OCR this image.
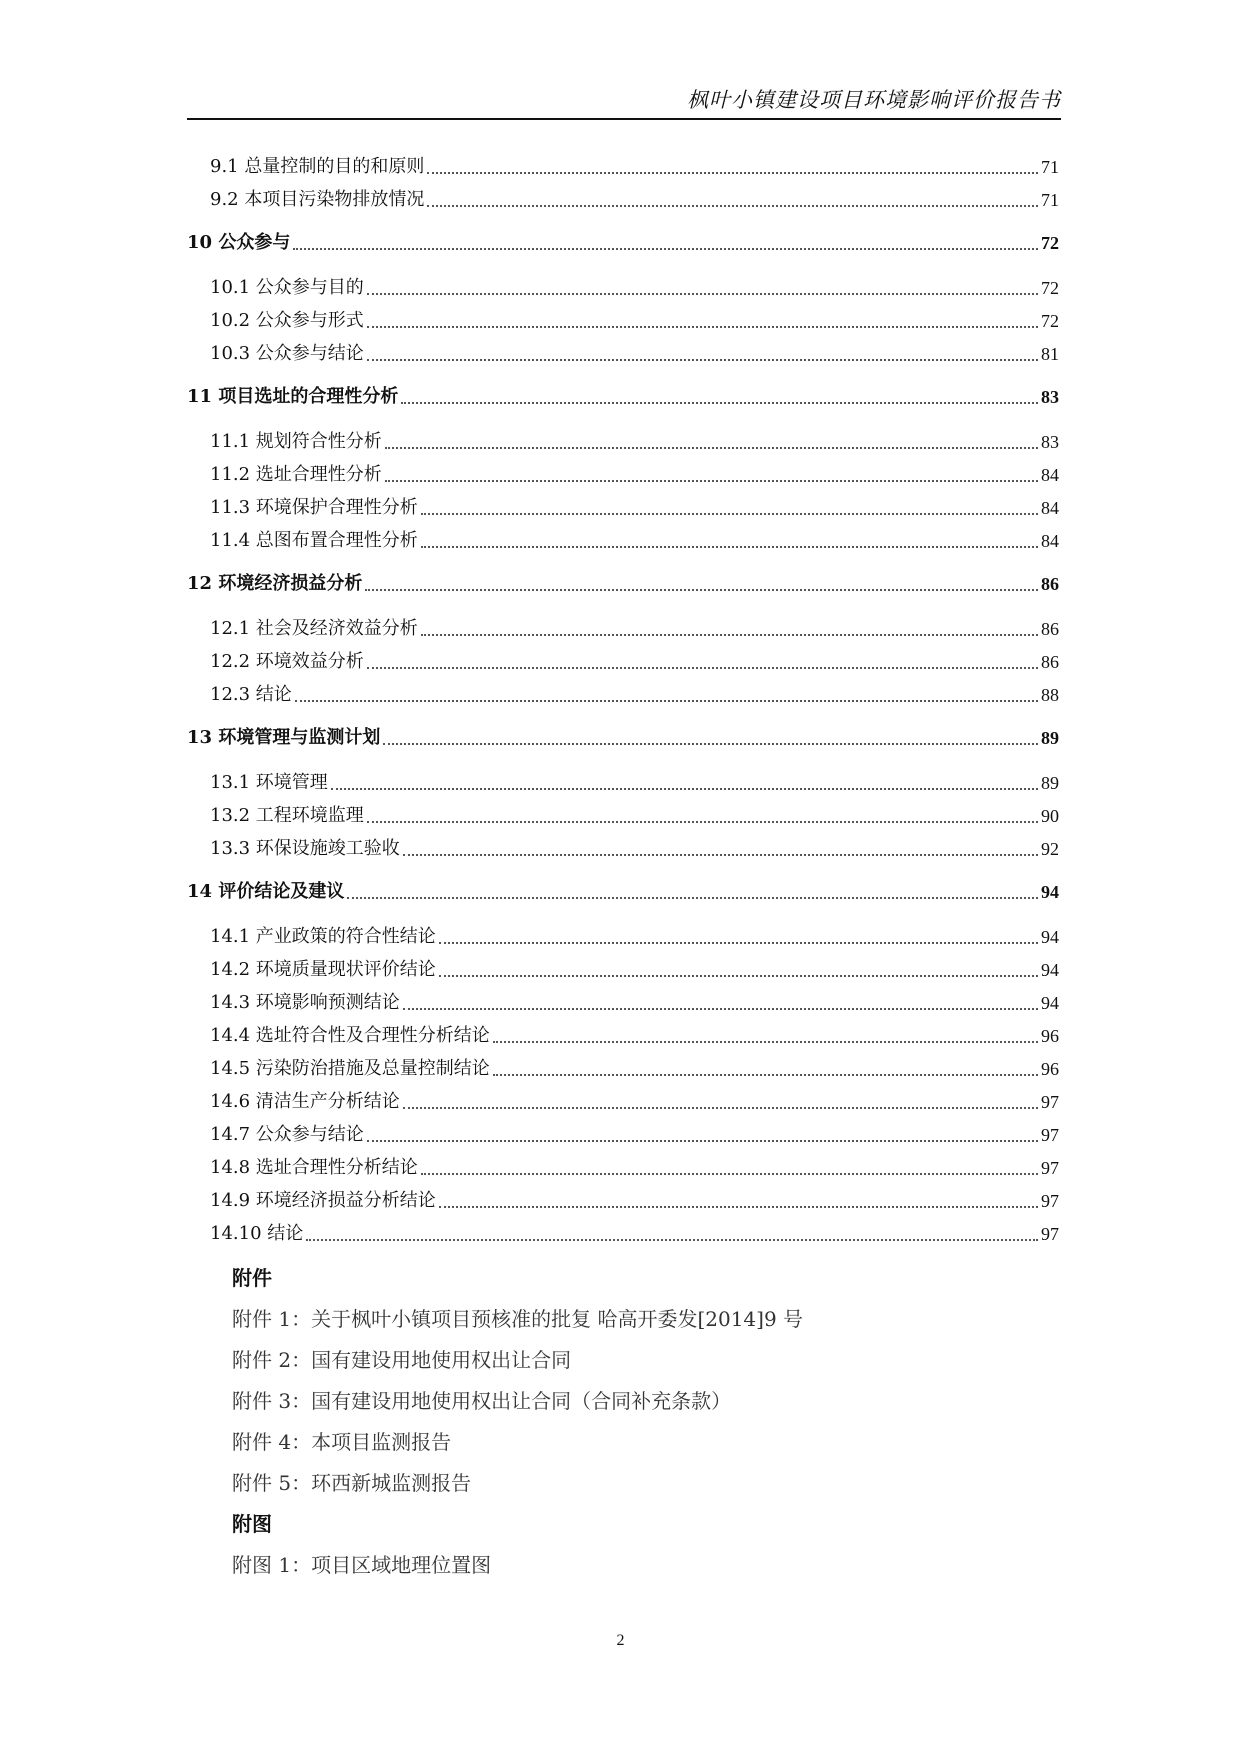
枫叶小镇建设项目环境影响评价报告书
9.1 总量控制的目的和原则	71
9.2 本项目污染物排放情况	71
10 公众参与	72
10.1 公众参与目的	72
10.2 公众参与形式	72
10.3 公众参与结论	81
11 项目选址的合理性分析	83
11.1 规划符合性分析	83
11.2 选址合理性分析	84
11.3 环境保护合理性分析	84
11.4 总图布置合理性分析	84
12 环境经济损益分析	86
12.1 社会及经济效益分析	86
12.2 环境效益分析	86
12.3 结论	88
13 环境管理与监测计划	89
13.1 环境管理	89
13.2 工程环境监理	90
13.3 环保设施竣工验收	92
14 评价结论及建议	94
14.1 产业政策的符合性结论	94
14.2 环境质量现状评价结论	94
14.3 环境影响预测结论	94
14.4 选址符合性及合理性分析结论	96
14.5 污染防治措施及总量控制结论	96
14.6 清洁生产分析结论	97
14.7 公众参与结论	97
14.8 选址合理性分析结论	97
14.9 环境经济损益分析结论	97
14.10 结论	97
附件
附件 1：关于枫叶小镇项目预核准的批复 哈高开委发[2014]9 号
附件 2：国有建设用地使用权出让合同
附件 3：国有建设用地使用权出让合同（合同补充条款）
附件 4：本项目监测报告
附件 5：环西新城监测报告
附图
附图 1：项目区域地理位置图
2
